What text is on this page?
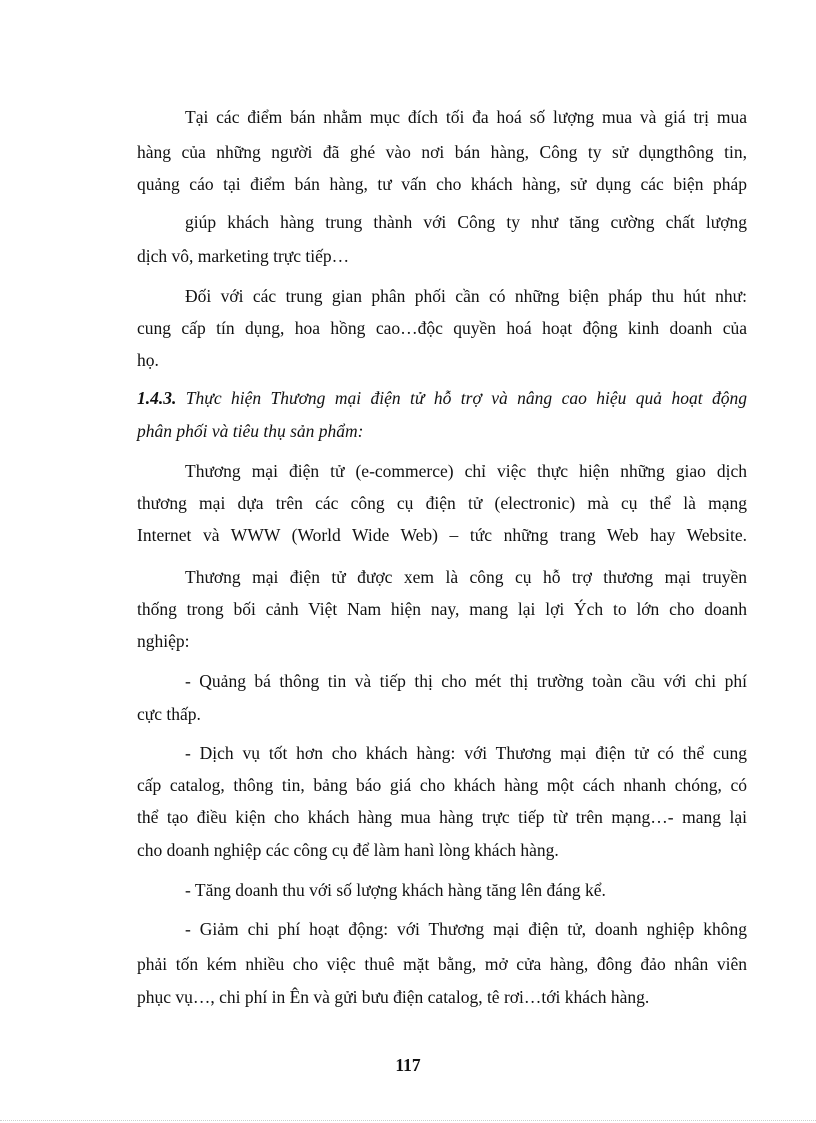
Tại các điểm bán nhằm mục đích tối đa hoá số lượng mua và giá trị mua
hàng của những người đã ghé vào nơi bán hàng, Công ty sử dụngthông tin,
quảng cáo tại điểm bán hàng, tư vấn cho khách hàng, sử dụng các biện pháp
giúp khách hàng trung thành với Công ty như tăng cường chất lượng
dịch vô, marketing trực tiếp…
Đối với các trung gian phân phối cần có những biện pháp thu hút như:
cung cấp tín dụng, hoa hồng cao…độc quyền hoá hoạt động kinh doanh của
họ.
1.4.3. Thực hiện Thương mại điện tử hỗ trợ và nâng cao hiệu quả hoạt động
phân phối và tiêu thụ sản phẩm:
Thương mại điện tử (e-commerce) chỉ việc thực hiện những giao dịch
thương mại dựa trên các công cụ điện tử (electronic) mà cụ thể là mạng
Internet và WWW (World Wide Web) – tức những trang Web hay Website.
Thương mại điện tử được xem là công cụ hỗ trợ thương mại truyền
thống trong bối cảnh Việt Nam hiện nay, mang lại lợi Ých to lớn cho doanh
nghiệp:
- Quảng bá thông tin và tiếp thị cho mét thị trường toàn cầu với chi phí
cực thấp.
- Dịch vụ tốt hơn cho khách hàng: với Thương mại điện tử có thể cung
cấp catalog, thông tin, bảng báo giá cho khách hàng một cách nhanh chóng, có
thể tạo điều kiện cho khách hàng mua hàng trực tiếp từ trên mạng…- mang lại
cho doanh nghiệp các công cụ để làm hanì lòng khách hàng.
- Tăng doanh thu với số lượng khách hàng tăng lên đáng kể.
- Giảm chi phí hoạt động: với Thương mại điện tử, doanh nghiệp không
phải tốn kém nhiều cho việc thuê mặt bằng, mở cửa hàng, đông đảo nhân viên
phục vụ…, chi phí in Ên và gửi bưu điện catalog, tê rơi…tới khách hàng.
117
